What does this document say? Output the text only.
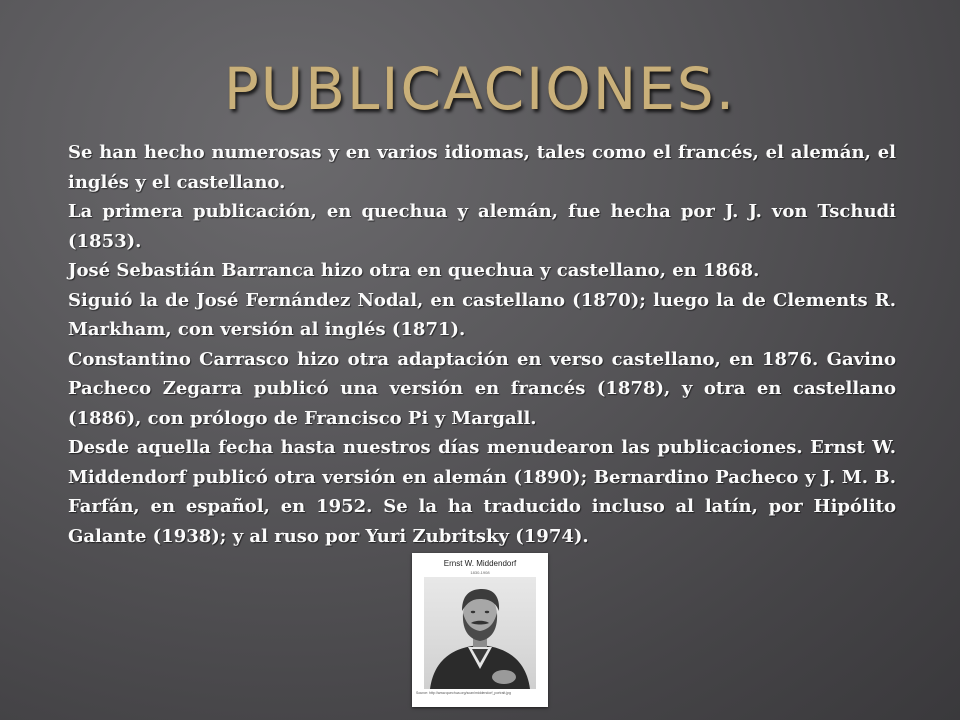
PUBLICACIONES.

Se han hecho numerosas y en varios idiomas, tales como el francés, el alemán, el inglés y el castellano.

La primera publicación, en quechua y alemán, fue hecha por J. J. von Tschudi (1853).

José Sebastián Barranca hizo otra en quechua y castellano, en 1868.

Siguió la de José Fernández Nodal, en castellano (1870); luego la de Clements R. Markham, con versión al inglés (1871).

Constantino Carrasco hizo otra adaptación en verso castellano, en 1876. Gavino Pacheco Zegarra publicó una versión en francés (1878), y otra en castellano (1886), con prólogo de Francisco Pi y Margall.

Desde aquella fecha hasta nuestros días menudearon las publicaciones. Ernst W. Middendorf publicó otra versión en alemán (1890); Bernardino Pacheco y J. M. B. Farfán, en español, en 1952. Se la ha traducido incluso al latín, por Hipólito Galante (1938); y al ruso por Yuri Zubritsky (1974).

Ernst W. Middendorf
1830-1908
Source: http://www.quechua.org/scan/middendorf_portrait.jpg
